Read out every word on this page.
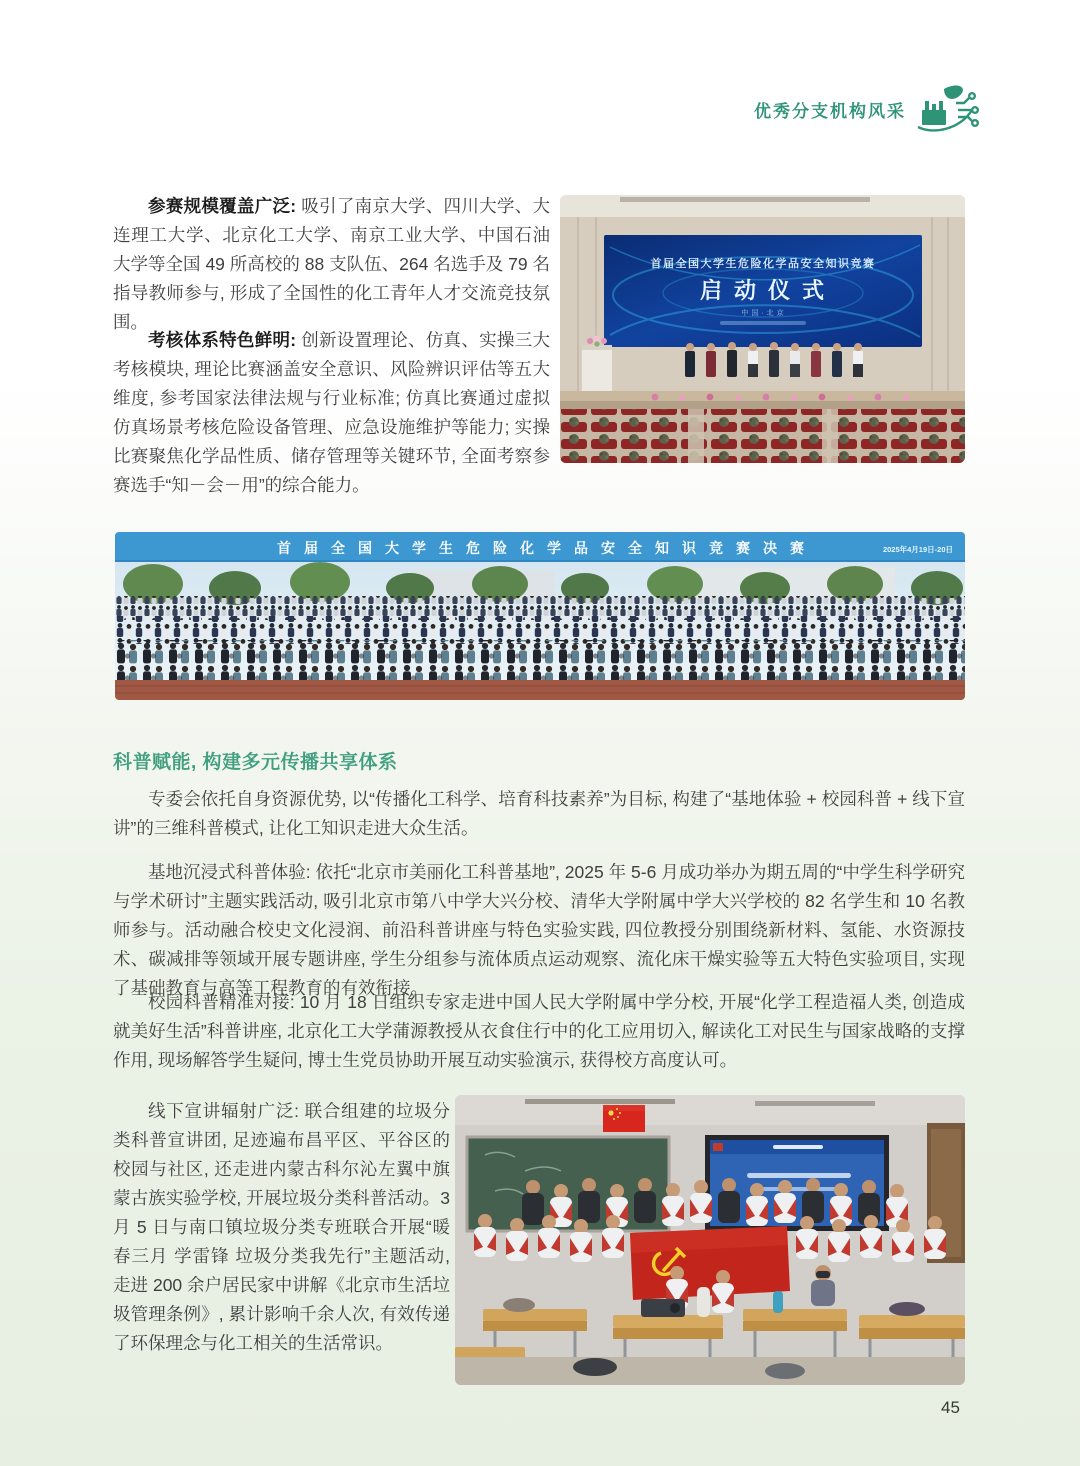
优秀分支机构风采

参赛规模覆盖广泛: 吸引了南京大学、四川大学、大连理工大学、北京化工大学、南京工业大学、中国石油大学等全国 49 所高校的 88 支队伍、264 名选手及 79 名指导教师参与, 形成了全国性的化工青年人才交流竞技氛围。

考核体系特色鲜明: 创新设置理论、仿真、实操三大考核模块, 理论比赛涵盖安全意识、风险辨识评估等五大维度, 参考国家法律法规与行业标准; 仿真比赛通过虚拟仿真场景考核危险设备管理、应急设施维护等能力; 实操比赛聚焦化学品性质、储存管理等关键环节, 全面考察参赛选手“知－会－用”的综合能力。

首届全国大学生危险化学品安全知识竞赛
启动仪式
中国·北京
首届全国大学生危险化学品安全知识竞赛决赛	2025年4月19日-20日
科普赋能, 构建多元传播共享体系

专委会依托自身资源优势, 以“传播化工科学、培育科技素养”为目标, 构建了“基地体验 + 校园科普 + 线下宣讲”的三维科普模式, 让化工知识走进大众生活。

基地沉浸式科普体验: 依托“北京市美丽化工科普基地”, 2025 年 5-6 月成功举办为期五周的“中学生科学研究与学术研讨”主题实践活动, 吸引北京市第八中学大兴分校、清华大学附属中学大兴学校的 82 名学生和 10 名教师参与。活动融合校史文化浸润、前沿科普讲座与特色实验实践, 四位教授分别围绕新材料、氢能、水资源技术、碳减排等领域开展专题讲座, 学生分组参与流体质点运动观察、流化床干燥实验等五大特色实验项目, 实现了基础教育与高等工程教育的有效衔接。

校园科普精准对接: 10 月 18 日组织专家走进中国人民大学附属中学分校, 开展“化学工程造福人类, 创造成就美好生活”科普讲座, 北京化工大学蒲源教授从衣食住行中的化工应用切入, 解读化工对民生与国家战略的支撑作用, 现场解答学生疑问, 博士生党员协助开展互动实验演示, 获得校方高度认可。

线下宣讲辐射广泛: 联合组建的垃圾分类科普宣讲团, 足迹遍布昌平区、平谷区的校园与社区, 还走进内蒙古科尔沁左翼中旗蒙古族实验学校, 开展垃圾分类科普活动。3 月 5 日与南口镇垃圾分类专班联合开展“暖春三月 学雷锋 垃圾分类我先行”主题活动, 走进 200 余户居民家中讲解《北京市生活垃圾管理条例》, 累计影响千余人次, 有效传递了环保理念与化工相关的生活常识。

45
